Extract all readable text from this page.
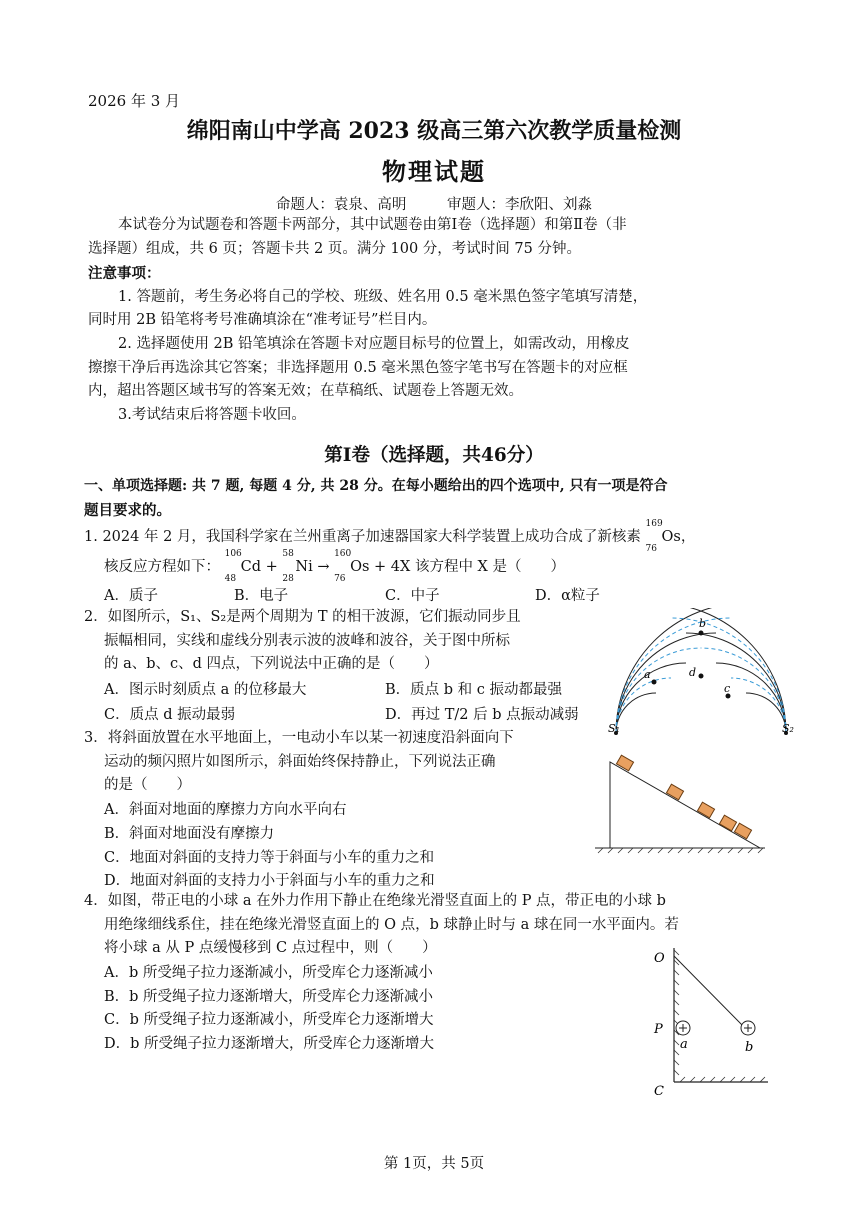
2026 年 3 月
绵阳南山中学高 2023 级高三第六次教学质量检测
物理试题
命题人：袁泉、高明	审题人：李欣阳、刘淼
本试卷分为试题卷和答题卡两部分，其中试题卷由第Ⅰ卷（选择题）和第Ⅱ卷（非
选择题）组成，共 6 页；答题卡共 2 页。满分 100 分，考试时间 75 分钟。
注意事项：
1. 答题前，考生务必将自己的学校、班级、姓名用 0.5 毫米黑色签字笔填写清楚，
同时用 2B 铅笔将考号准确填涂在“准考证号”栏目内。
2. 选择题使用 2B 铅笔填涂在答题卡对应题目标号的位置上，如需改动，用橡皮
擦擦干净后再选涂其它答案；非选择题用 0.5 毫米黑色签字笔书写在答题卡的对应框
内，超出答题区域书写的答案无效；在草稿纸、试题卷上答题无效。
3.考试结束后将答题卡收回。
第Ⅰ卷（选择题，共46分）
一、单项选择题: 共 7 题, 每题 4 分, 共 28 分。在每小题给出的四个选项中, 只有一项是符合
题目要求的。
1. 2024 年 2 月，我国科学家在兰州重离子加速器国家大科学装置上成功合成了新核素
169
76
Os，
核反应方程如下：
106
48
Cd +
58
28
Ni →
160
76
Os + 4X 该方程中 X 是（　　）
A．质子	B．电子	C．中子	D．α粒子
2．如图所示，S₁、S₂是两个周期为 T 的相干波源，它们振动同步且
振幅相同，实线和虚线分别表示波的波峰和波谷，关于图中所标
的 a、b、c、d 四点，下列说法中正确的是（　　）
A．图示时刻质点 a 的位移最大	B．质点 b 和 c 振动都最强
C．质点 d 振动最弱	D．再过 T/2 后 b 点振动减弱
b
a	d
c
S₁	S₂
3．将斜面放置在水平地面上，一电动小车以某一初速度沿斜面向下
运动的频闪照片如图所示，斜面始终保持静止，下列说法正确
的是（　　）
A．斜面对地面的摩擦力方向水平向右
B．斜面对地面没有摩擦力
C．地面对斜面的支持力等于斜面与小车的重力之和
D．地面对斜面的支持力小于斜面与小车的重力之和
4．如图，带正电的小球 a 在外力作用下静止在绝缘光滑竖直面上的 P 点，带正电的小球 b
用绝缘细线系住，挂在绝缘光滑竖直面上的 O 点，b 球静止时与 a 球在同一水平面内。若
将小球 a 从 P 点缓慢移到 C 点过程中，则（　　）
A．b 所受绳子拉力逐渐减小，所受库仑力逐渐减小
B．b 所受绳子拉力逐渐增大，所受库仑力逐渐减小
C．b 所受绳子拉力逐渐减小，所受库仑力逐渐增大
D．b 所受绳子拉力逐渐增大，所受库仑力逐渐增大
O
P
C
a	b
第 1页，共 5页
